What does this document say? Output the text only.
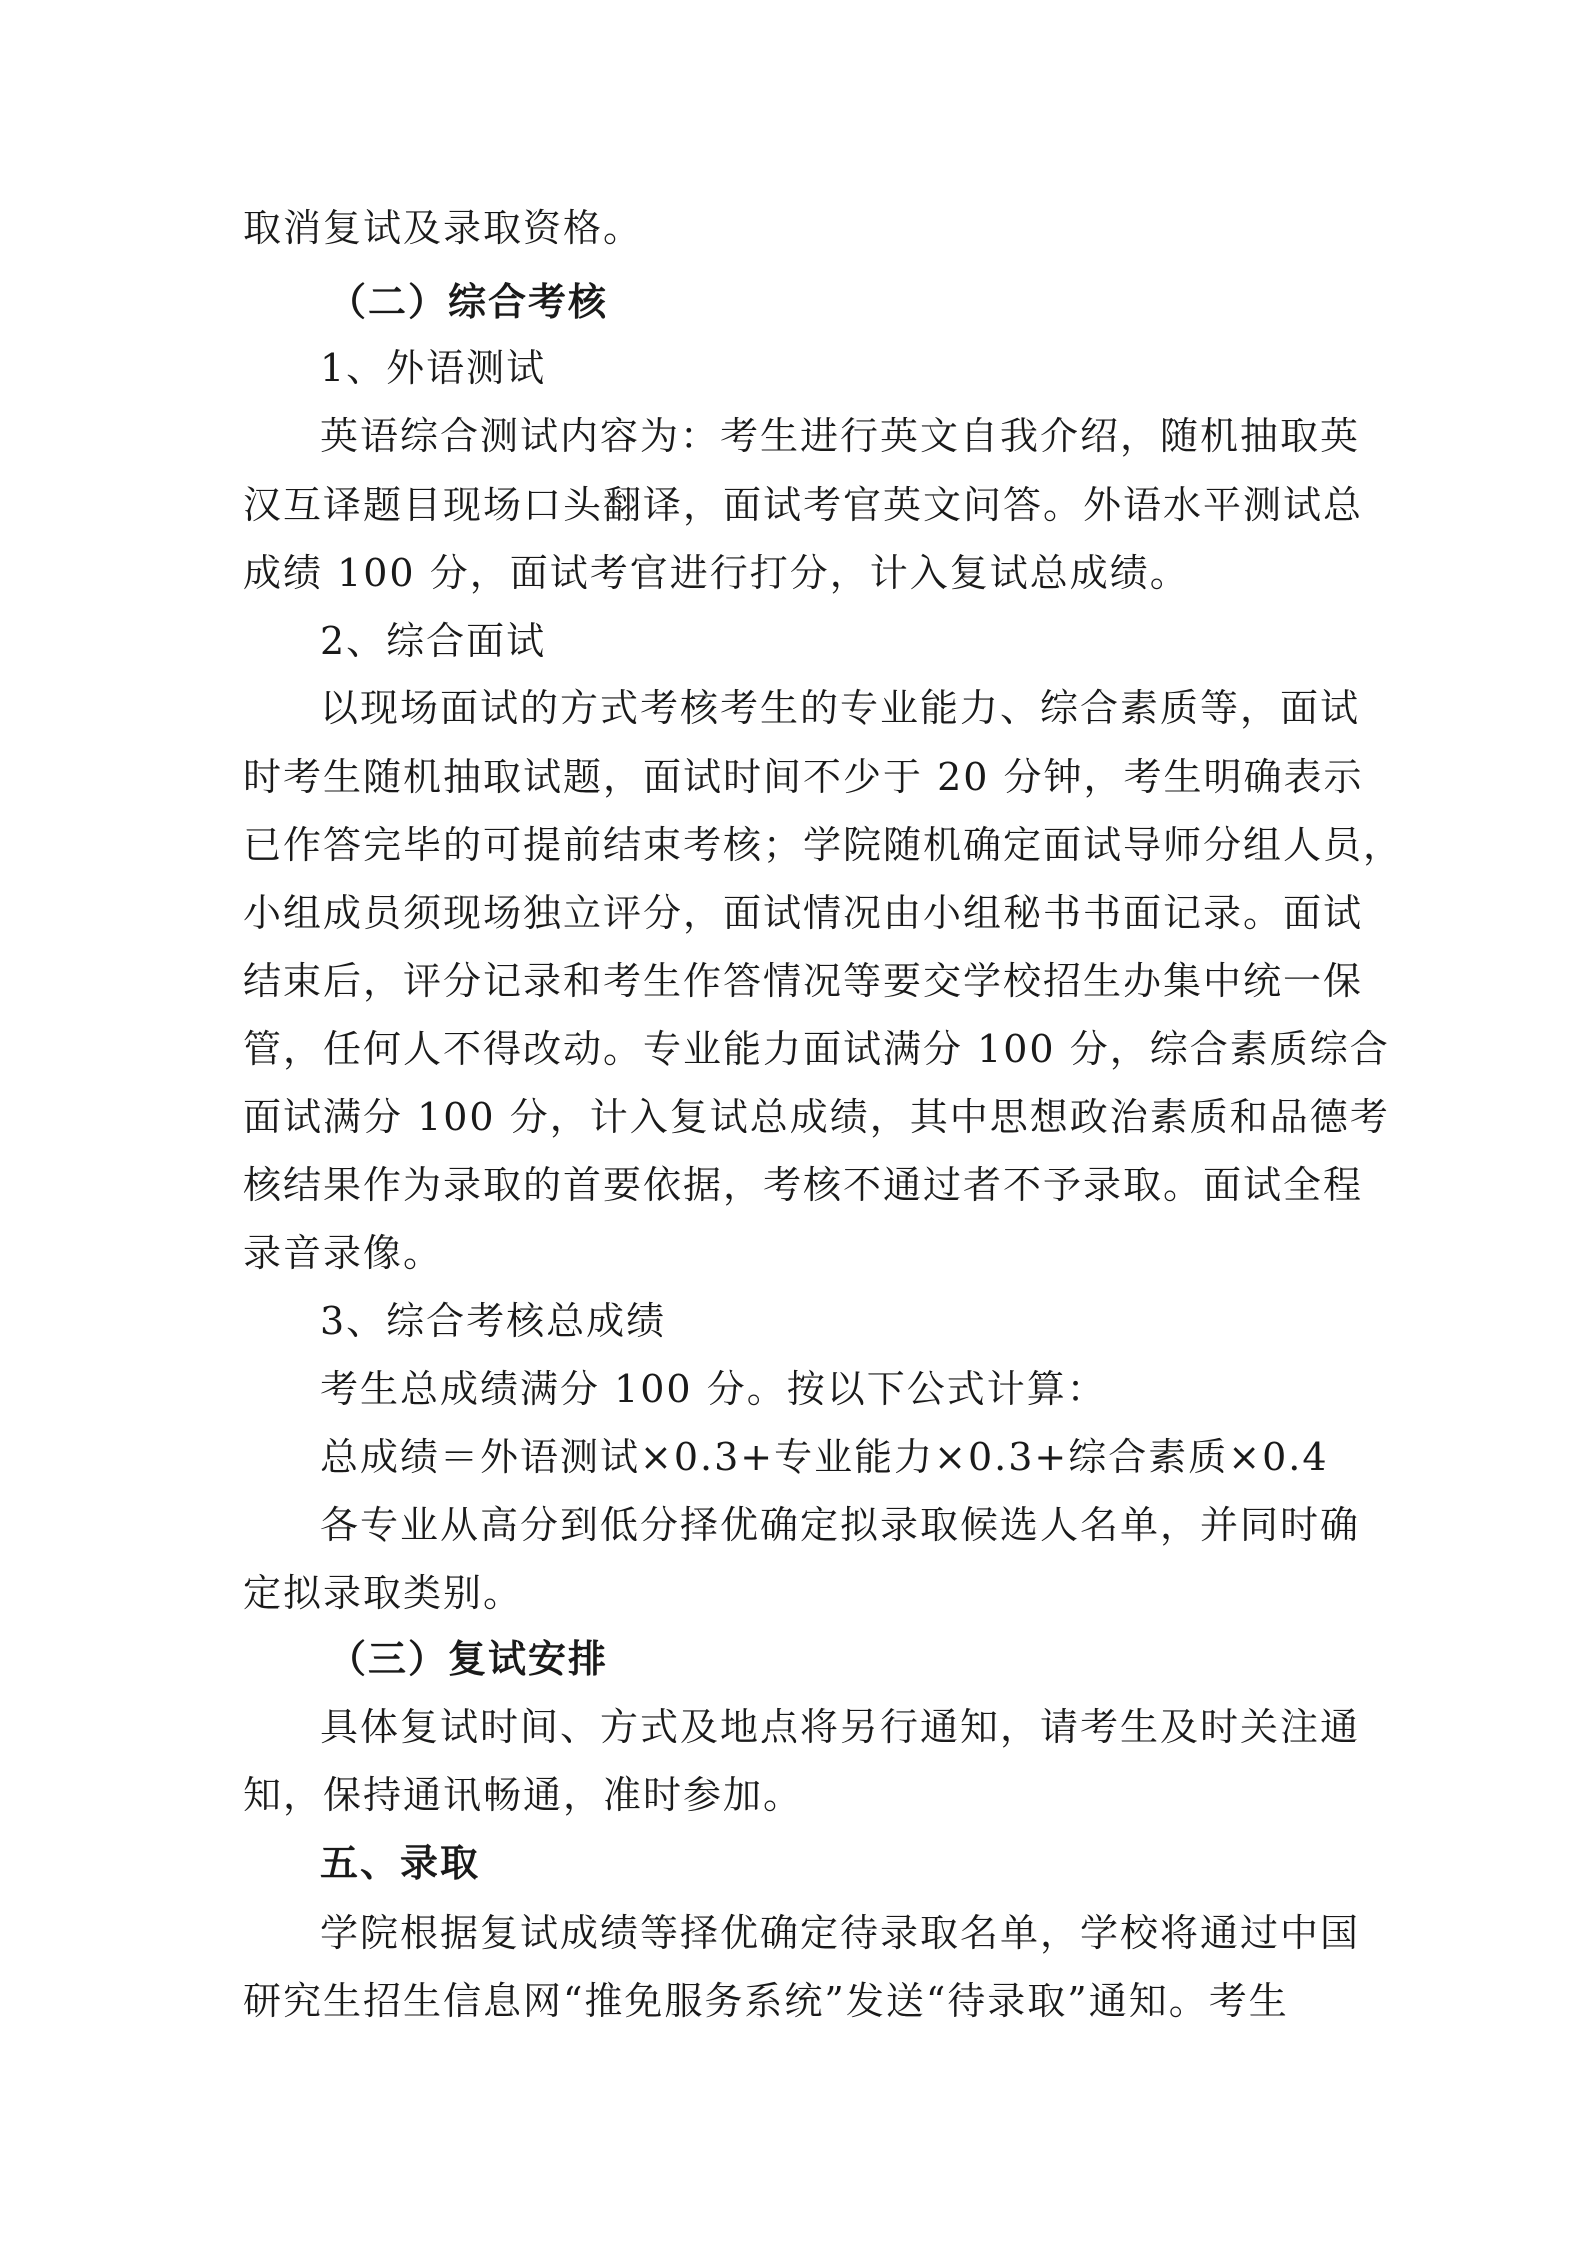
取消复试及录取资格。
（二）综合考核
1、外语测试
英语综合测试内容为：考生进行英文自我介绍，随机抽取英
汉互译题目现场口头翻译，面试考官英文问答。外语水平测试总
成绩 100 分，面试考官进行打分，计入复试总成绩。
2、综合面试
以现场面试的方式考核考生的专业能力、综合素质等，面试
时考生随机抽取试题，面试时间不少于 20 分钟，考生明确表示
已作答完毕的可提前结束考核；学院随机确定面试导师分组人员，
小组成员须现场独立评分，面试情况由小组秘书书面记录。面试
结束后，评分记录和考生作答情况等要交学校招生办集中统一保
管，任何人不得改动。专业能力面试满分 100 分，综合素质综合
面试满分 100 分，计入复试总成绩，其中思想政治素质和品德考
核结果作为录取的首要依据，考核不通过者不予录取。面试全程
录音录像。
3、综合考核总成绩
考生总成绩满分 100 分。按以下公式计算：
总成绩＝外语测试×0.3+专业能力×0.3+综合素质×0.4
各专业从高分到低分择优确定拟录取候选人名单，并同时确
定拟录取类别。
（三）复试安排
具体复试时间、方式及地点将另行通知，请考生及时关注通
知，保持通讯畅通，准时参加。
五、录取
学院根据复试成绩等择优确定待录取名单，学校将通过中国
研究生招生信息网“推免服务系统”发送“待录取”通知。考生
